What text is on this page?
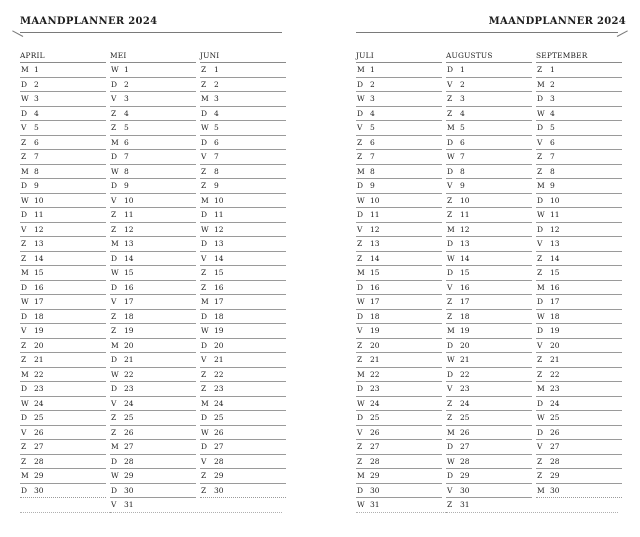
MAANDPLANNER 2024
APRIL
M 1
D 2
W 3
D 4
V 5
Z 6
Z 7
M 8
D 9
W 10
D 11
V 12
Z 13
Z 14
M 15
D 16
W 17
D 18
V 19
Z 20
Z 21
M 22
D 23
W 24
D 25
V 26
Z 27
Z 28
M 29
D 30
MEI
W 1
D 2
V 3
Z 4
Z 5
M 6
D 7
W 8
D 9
V 10
Z 11
Z 12
M 13
D 14
W 15
D 16
V 17
Z 18
Z 19
M 20
D 21
W 22
D 23
V 24
Z 25
Z 26
M 27
D 28
W 29
D 30
V 31
JUNI
Z 1
Z 2
M 3
D 4
W 5
D 6
V 7
Z 8
Z 9
M 10
D 11
W 12
D 13
V 14
Z 15
Z 16
M 17
D 18
W 19
D 20
V 21
Z 22
Z 23
M 24
D 25
W 26
D 27
V 28
Z 29
Z 30
MAANDPLANNER 2024
JULI
M 1
D 2
W 3
D 4
V 5
Z 6
Z 7
M 8
D 9
W 10
D 11
V 12
Z 13
Z 14
M 15
D 16
W 17
D 18
V 19
Z 20
Z 21
M 22
D 23
W 24
D 25
V 26
Z 27
Z 28
M 29
D 30
W 31
AUGUSTUS
D 1
V 2
Z 3
Z 4
M 5
D 6
W 7
D 8
V 9
Z 10
Z 11
M 12
D 13
W 14
D 15
V 16
Z 17
Z 18
M 19
D 20
W 21
D 22
V 23
Z 24
Z 25
M 26
D 27
W 28
D 29
V 30
Z 31
SEPTEMBER
Z 1
M 2
D 3
W 4
D 5
V 6
Z 7
Z 8
M 9
D 10
W 11
D 12
V 13
Z 14
Z 15
M 16
D 17
W 18
D 19
V 20
Z 21
Z 22
M 23
D 24
W 25
D 26
V 27
Z 28
Z 29
M 30
